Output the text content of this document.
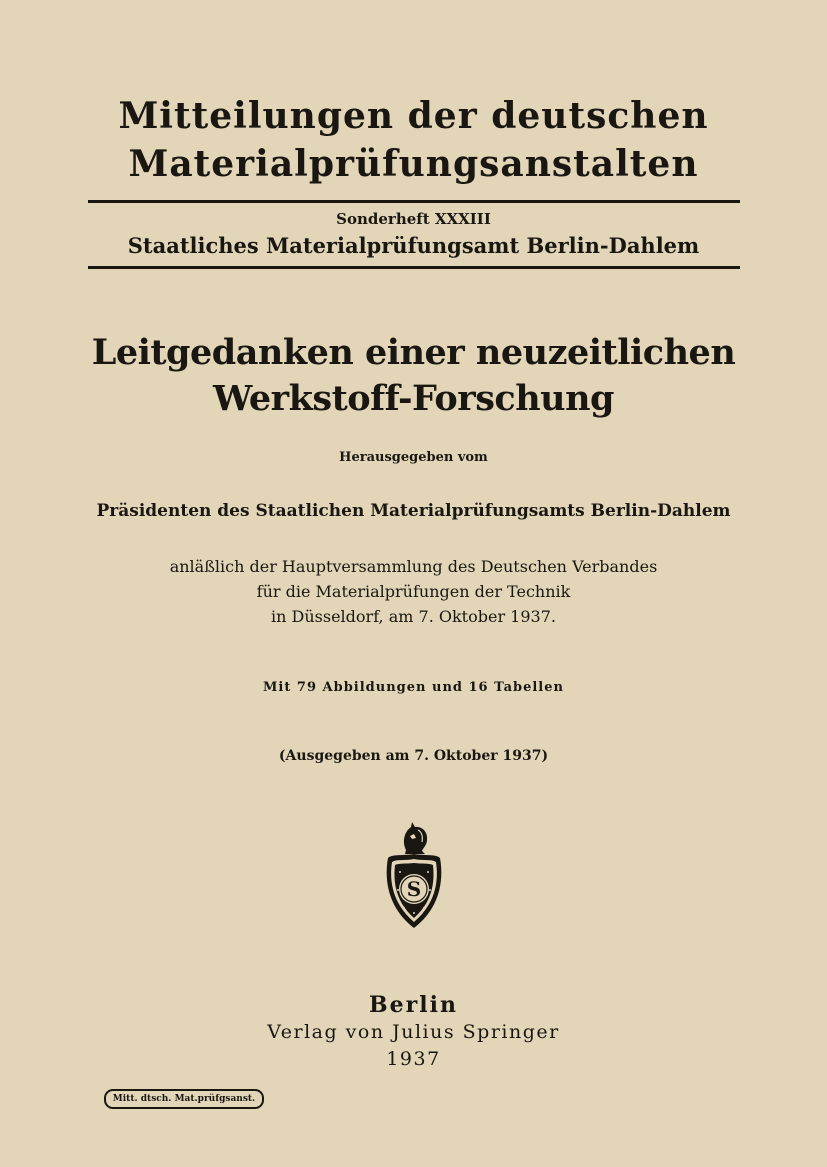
Mitteilungen der deutschen
Materialprüfungsanstalten
Sonderheft XXXIII
Staatliches Materialprüfungsamt Berlin-Dahlem
Leitgedanken einer neuzeitlichen
Werkstoff-Forschung
Herausgegeben vom
Präsidenten des Staatlichen Materialprüfungsamts Berlin-Dahlem
anläßlich der Hauptversammlung des Deutschen Verbandes
für die Materialprüfungen der Technik
in Düsseldorf, am 7. Oktober 1937.
Mit 79 Abbildungen und 16 Tabellen
(Ausgegeben am 7. Oktober 1937)
S
Berlin
Verlag von Julius Springer
1937
Mitt. dtsch. Mat.prüfgsanst.
